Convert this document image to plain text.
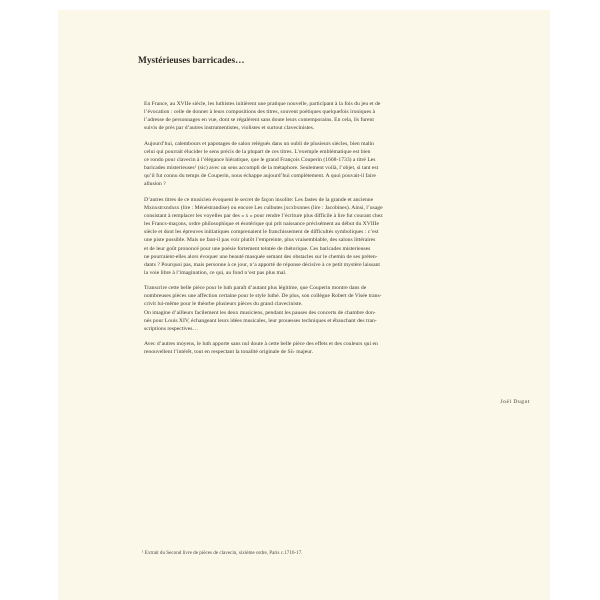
Mystérieuses barricades…

En France, au XVIIe siècle, les luthistes initièrent une pratique nouvelle, participant à la fois du jeu et de
l’évocation : celle de donner à leurs compositions des titres, souvent poétiques quelquefois ironiques à
l’adresse de personnages en vue, dont se régalèrent sans doute leurs contemporains. En cela, ils furent
suivis de près par d’autres instrumentistes, violistes et surtout clavecinistes.

Aujourd’hui, calembours et papotages de salon relégués dans un oubli de plusieurs siècles, bien malin
celui qui pourrait élucider le sens précis de la plupart de ces titres. L’exemple emblématique est bien
ce rondo pour clavecin à l’élégance hiératique, que le grand François Couperin (1668-1733) a titré Les
baricades misterieuses¹ (sic) avec un sens accompli de la métaphore. Seulement voilà, l’objet, si tant est
qu’il fut connu du temps de Couperin, nous échappe aujourd’hui complètement. A quoi pouvait-il faire
allusion ?

D’autres titres de ce musicien évoquent le secret de façon insolite: Les fastes de la grande et ancienne
Mxnxstrxndxsx (lire : Ménéstrandise) ou encore Les culbutes jxcxbxnnes (lire : Jacobines). Ainsi, l’usage
consistant à remplacer les voyelles par des « x » pour rendre l’écriture plus difficile à lire fut courant chez
les Francs-maçons, ordre philosophique et ésotérique qui prit naissance précisément au début du XVIIIe
siècle et dont les épreuves initiatiques comprenaient le franchissement de difficultés symboliques : c’est
une piste possible. Mais ne faut-il pas voir plutôt l’empreinte, plus vraisemblable, des salons littéraires
et de leur goût prononcé pour une poésie fortement teintée de rhétorique. Ces baricades misterieuses
ne pourraient-elles alors évoquer une beauté masquée semant des obstacles sur le chemin de ses préten-
dants ? Pourquoi pas, mais personne à ce jour, n’a apporté de réponse décisive à ce petit mystère laissant
la voie libre à l’imagination, ce qui, au fond n’est pas plus mal.

Transcrire cette belle pièce pour le luth paraît d’autant plus légitime, que Couperin montre dans de
nombreuses pièces une affection certaine pour le style luthé. De plus, son collègue Robert de Visée trans-
crivit lui-même pour le théorbe plusieurs pièces du grand claveciniste.

On imagine d’ailleurs facilement les deux musiciens, pendant les pauses des concerts de chambre don-
nés pour Louis XIV, échangeant leurs idées musicales, leur prouesses techniques et ébauchant des tran-
scriptions respectives…

Avec d’autres moyens, le luth apporte sans nul doute à cette belle pièce des effets et des couleurs qui en
renouvellent l’intérêt, tout en respectant la tonalité originale de Si♭ majeur.

Joël Dugot
¹ Extrait du Second livre de pièces de clavecin, sixième ordre, Paris c.1716-17.
